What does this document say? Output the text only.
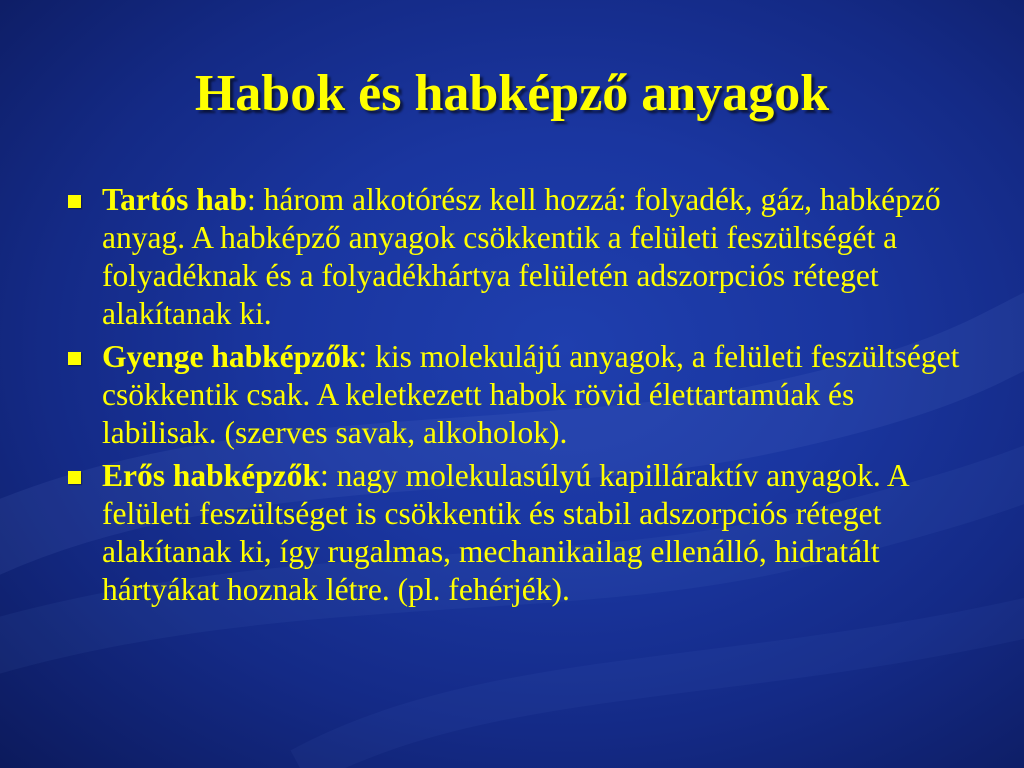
Habok és habképző anyagok
Tartós hab: három alkotórész kell hozzá: folyadék, gáz, habképző anyag. A habképző anyagok csökkentik a felületi feszültségét a folyadéknak és a folyadékhártya felületén adszorpciós réteget alakítanak ki.
Gyenge habképzők: kis molekulájú anyagok, a felületi feszültséget csökkentik csak. A keletkezett habok rövid élettartamúak és labilisak. (szerves savak, alkoholok).
Erős habképzők: nagy molekulasúlyú kapilláraktív anyagok. A felületi feszültséget is csökkentik és stabil adszorpciós réteget alakítanak ki, így rugalmas, mechanikailag ellenálló, hidratált hártyákat hoznak létre. (pl. fehérjék).
